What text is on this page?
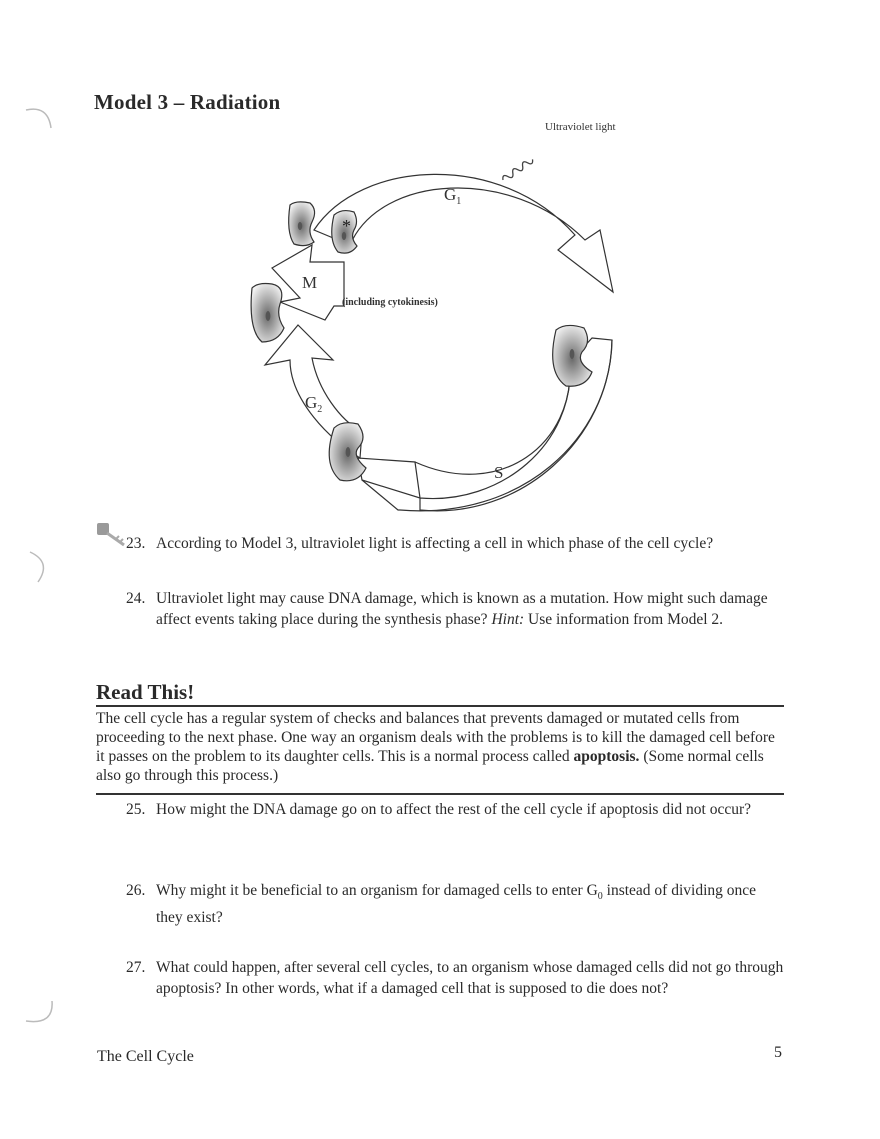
Model 3 – Radiation
Ultraviolet light
*
$G_1$
M
(including cytokinesis)
$G_2$
S
23. According to Model 3, ultraviolet light is affecting a cell in which phase of the cell cycle?
24. Ultraviolet light may cause DNA damage, which is known as a mutation. How might such damage affect events taking place during the synthesis phase? Hint: Use information from Model 2.
Read This!
The cell cycle has a regular system of checks and balances that prevents damaged or mutated cells from proceeding to the next phase. One way an organism deals with the problems is to kill the damaged cell before it passes on the problem to its daughter cells. This is a normal process called apoptosis. (Some normal cells also go through this process.)
25. How might the DNA damage go on to affect the rest of the cell cycle if apoptosis did not occur?
26. Why might it be beneficial to an organism for damaged cells to enter $G_0$ instead of dividing once they exist?
27. What could happen, after several cell cycles, to an organism whose damaged cells did not go through apoptosis? In other words, what if a damaged cell that is supposed to die does not?
The Cell Cycle	5
